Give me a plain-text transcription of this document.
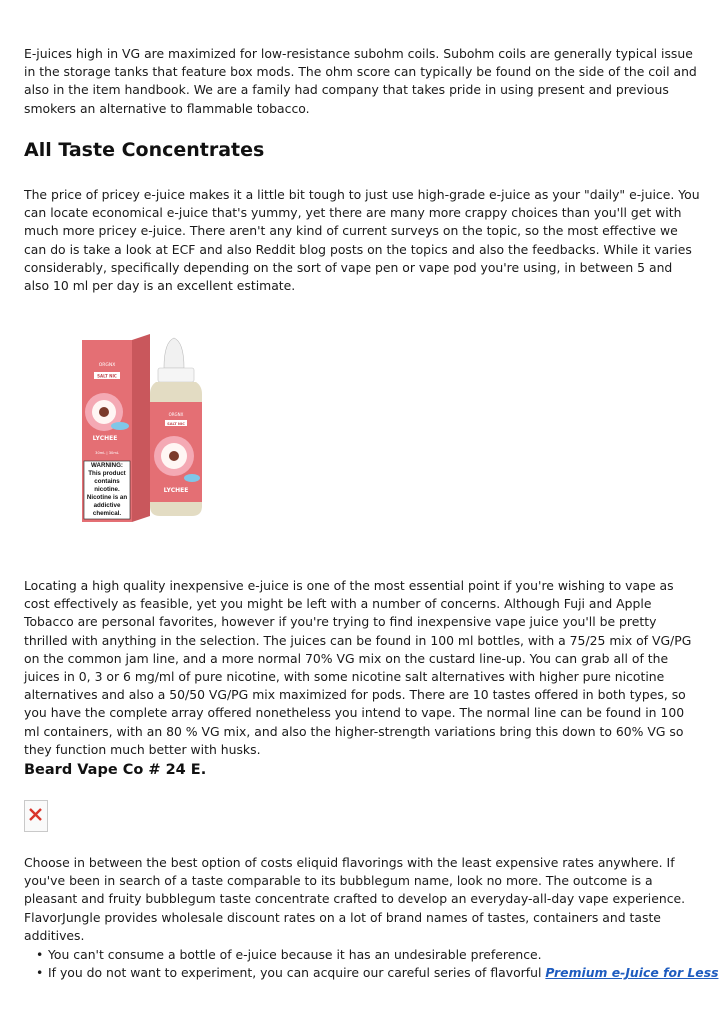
E-juices high in VG are maximized for low-resistance subohm coils. Subohm coils are generally typical issue in the storage tanks that feature box mods. The ohm score can typically be found on the side of the coil and also in the item handbook. We are a family had company that takes pride in using present and previous smokers an alternative to flammable tobacco.

All Taste Concentrates

The price of pricey e-juice makes it a little bit tough to just use high-grade e-juice as your "daily" e-juice. You can locate economical e-juice that's yummy, yet there are many more crappy choices than you'll get with much more pricey e-juice. There aren't any kind of current surveys on the topic, so the most effective we can do is take a look at ECF and also Reddit blog posts on the topics and also the feedbacks. While it varies considerably, specifically depending on the sort of vape pen or vape pod you're using, in between 5 and also 10 ml per day is an excellent estimate.

ORGNX
SALT NIC
LYCHEE
30mL | 30mL
WARNING: This product contains nicotine. Nicotine is an addictive chemical.
ORGNX
SALT NIC
LYCHEE

Locating a high quality inexpensive e-juice is one of the most essential point if you're wishing to vape as cost effectively as feasible, yet you might be left with a number of concerns. Although Fuji and Apple Tobacco are personal favorites, however if you're trying to find inexpensive vape juice you'll be pretty thrilled with anything in the selection. The juices can be found in 100 ml bottles, with a 75/25 mix of VG/PG on the common jam line, and a more normal 70% VG mix on the custard line-up. You can grab all of the juices in 0, 3 or 6 mg/ml of pure nicotine, with some nicotine salt alternatives with higher pure nicotine alternatives and also a 50/50 VG/PG mix maximized for pods. There are 10 tastes offered in both types, so you have the complete array offered nonetheless you intend to vape. The normal line can be found in 100 ml containers, with an 80 % VG mix, and also the higher-strength variations bring this down to 60% VG so they function much better with husks.

Beard Vape Co # 24 E.

Choose in between the best option of costs eliquid flavorings with the least expensive rates anywhere. If you've been in search of a taste comparable to its bubblegum name, look no more. The outcome is a pleasant and fruity bubblegum taste concentrate crafted to develop an everyday-all-day vape experience. FlavorJungle provides wholesale discount rates on a lot of brand names of tastes, containers and taste additives.

• You can't consume a bottle of e-juice because it has an undesirable preference.
• If you do not want to experiment, you can acquire our careful series of flavorful Premium e-Juice for Less
